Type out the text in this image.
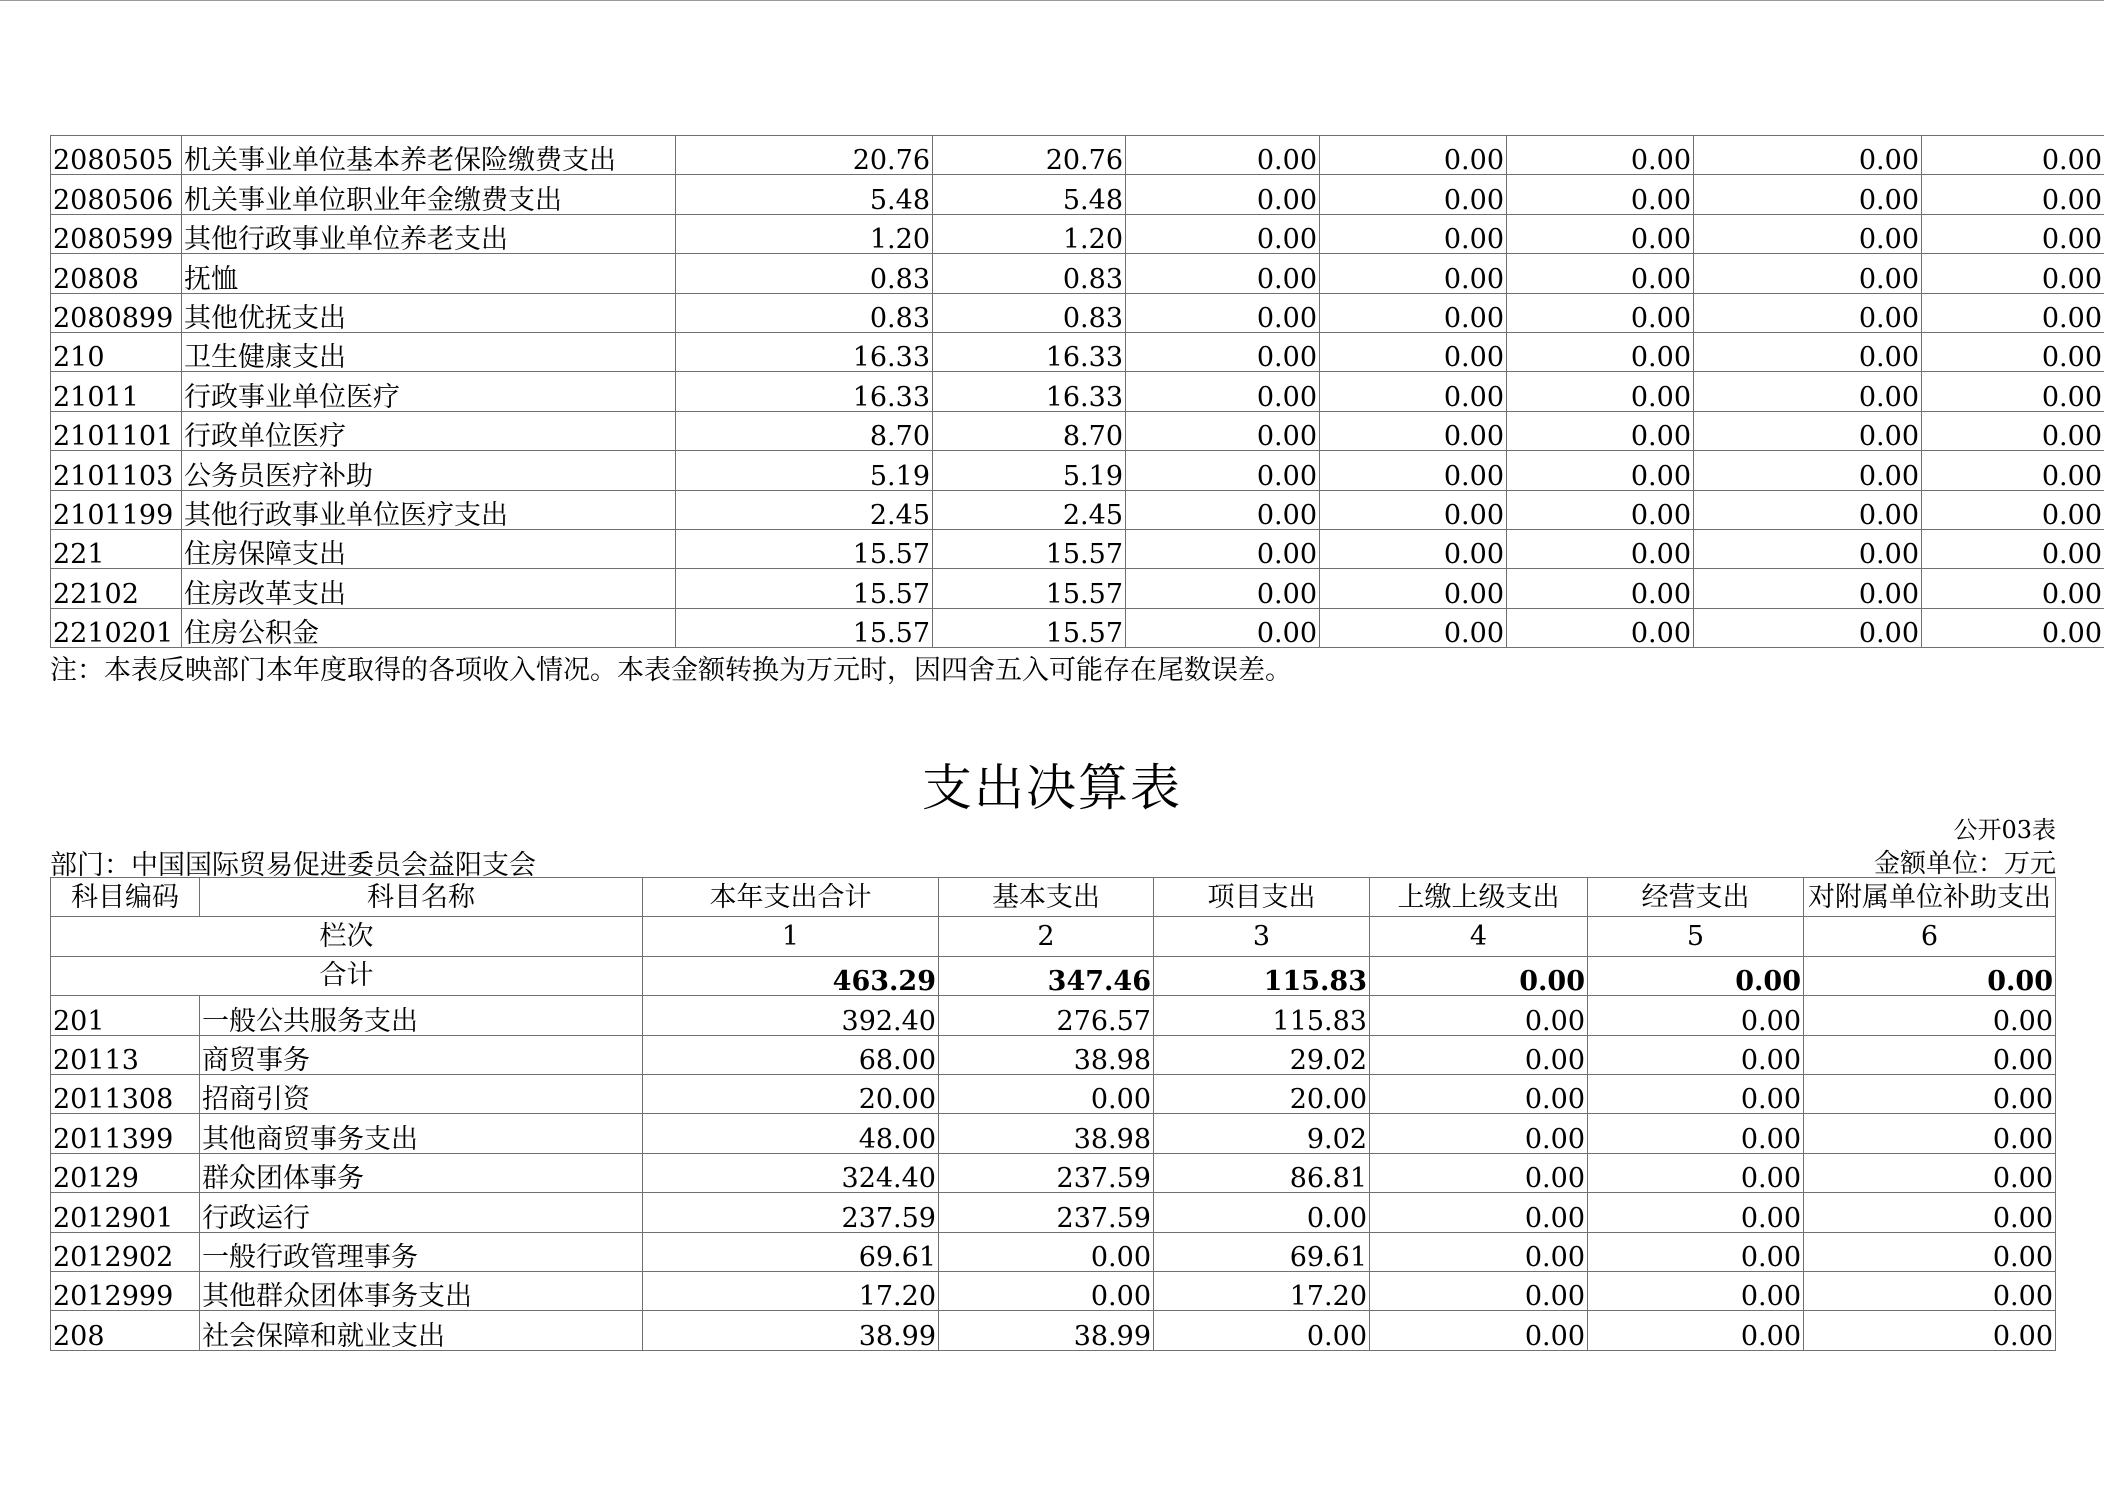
2080505	机关事业单位基本养老保险缴费支出	20.76	20.76	0.00	0.00	0.00	0.00	0.00
2080506	机关事业单位职业年金缴费支出	5.48	5.48	0.00	0.00	0.00	0.00	0.00
2080599	其他行政事业单位养老支出	1.20	1.20	0.00	0.00	0.00	0.00	0.00
20808	抚恤	0.83	0.83	0.00	0.00	0.00	0.00	0.00
2080899	其他优抚支出	0.83	0.83	0.00	0.00	0.00	0.00	0.00
210	卫生健康支出	16.33	16.33	0.00	0.00	0.00	0.00	0.00
21011	行政事业单位医疗	16.33	16.33	0.00	0.00	0.00	0.00	0.00
2101101	行政单位医疗	8.70	8.70	0.00	0.00	0.00	0.00	0.00
2101103	公务员医疗补助	5.19	5.19	0.00	0.00	0.00	0.00	0.00
2101199	其他行政事业单位医疗支出	2.45	2.45	0.00	0.00	0.00	0.00	0.00
221	住房保障支出	15.57	15.57	0.00	0.00	0.00	0.00	0.00
22102	住房改革支出	15.57	15.57	0.00	0.00	0.00	0.00	0.00
2210201	住房公积金	15.57	15.57	0.00	0.00	0.00	0.00	0.00
注：本表反映部门本年度取得的各项收入情况。本表金额转换为万元时，因四舍五入可能存在尾数误差。
支出决算表
公开03表
部门：中国国际贸易促进委员会益阳支会	金额单位：万元
科目编码	科目名称	本年支出合计	基本支出	项目支出	上缴上级支出	经营支出	对附属单位补助支出
栏次		1	2	3	4	5	6
合计		463.29	347.46	115.83	0.00	0.00	0.00
201	一般公共服务支出	392.40	276.57	115.83	0.00	0.00	0.00
20113	商贸事务	68.00	38.98	29.02	0.00	0.00	0.00
2011308	招商引资	20.00	0.00	20.00	0.00	0.00	0.00
2011399	其他商贸事务支出	48.00	38.98	9.02	0.00	0.00	0.00
20129	群众团体事务	324.40	237.59	86.81	0.00	0.00	0.00
2012901	行政运行	237.59	237.59	0.00	0.00	0.00	0.00
2012902	一般行政管理事务	69.61	0.00	69.61	0.00	0.00	0.00
2012999	其他群众团体事务支出	17.20	0.00	17.20	0.00	0.00	0.00
208	社会保障和就业支出	38.99	38.99	0.00	0.00	0.00	0.00
